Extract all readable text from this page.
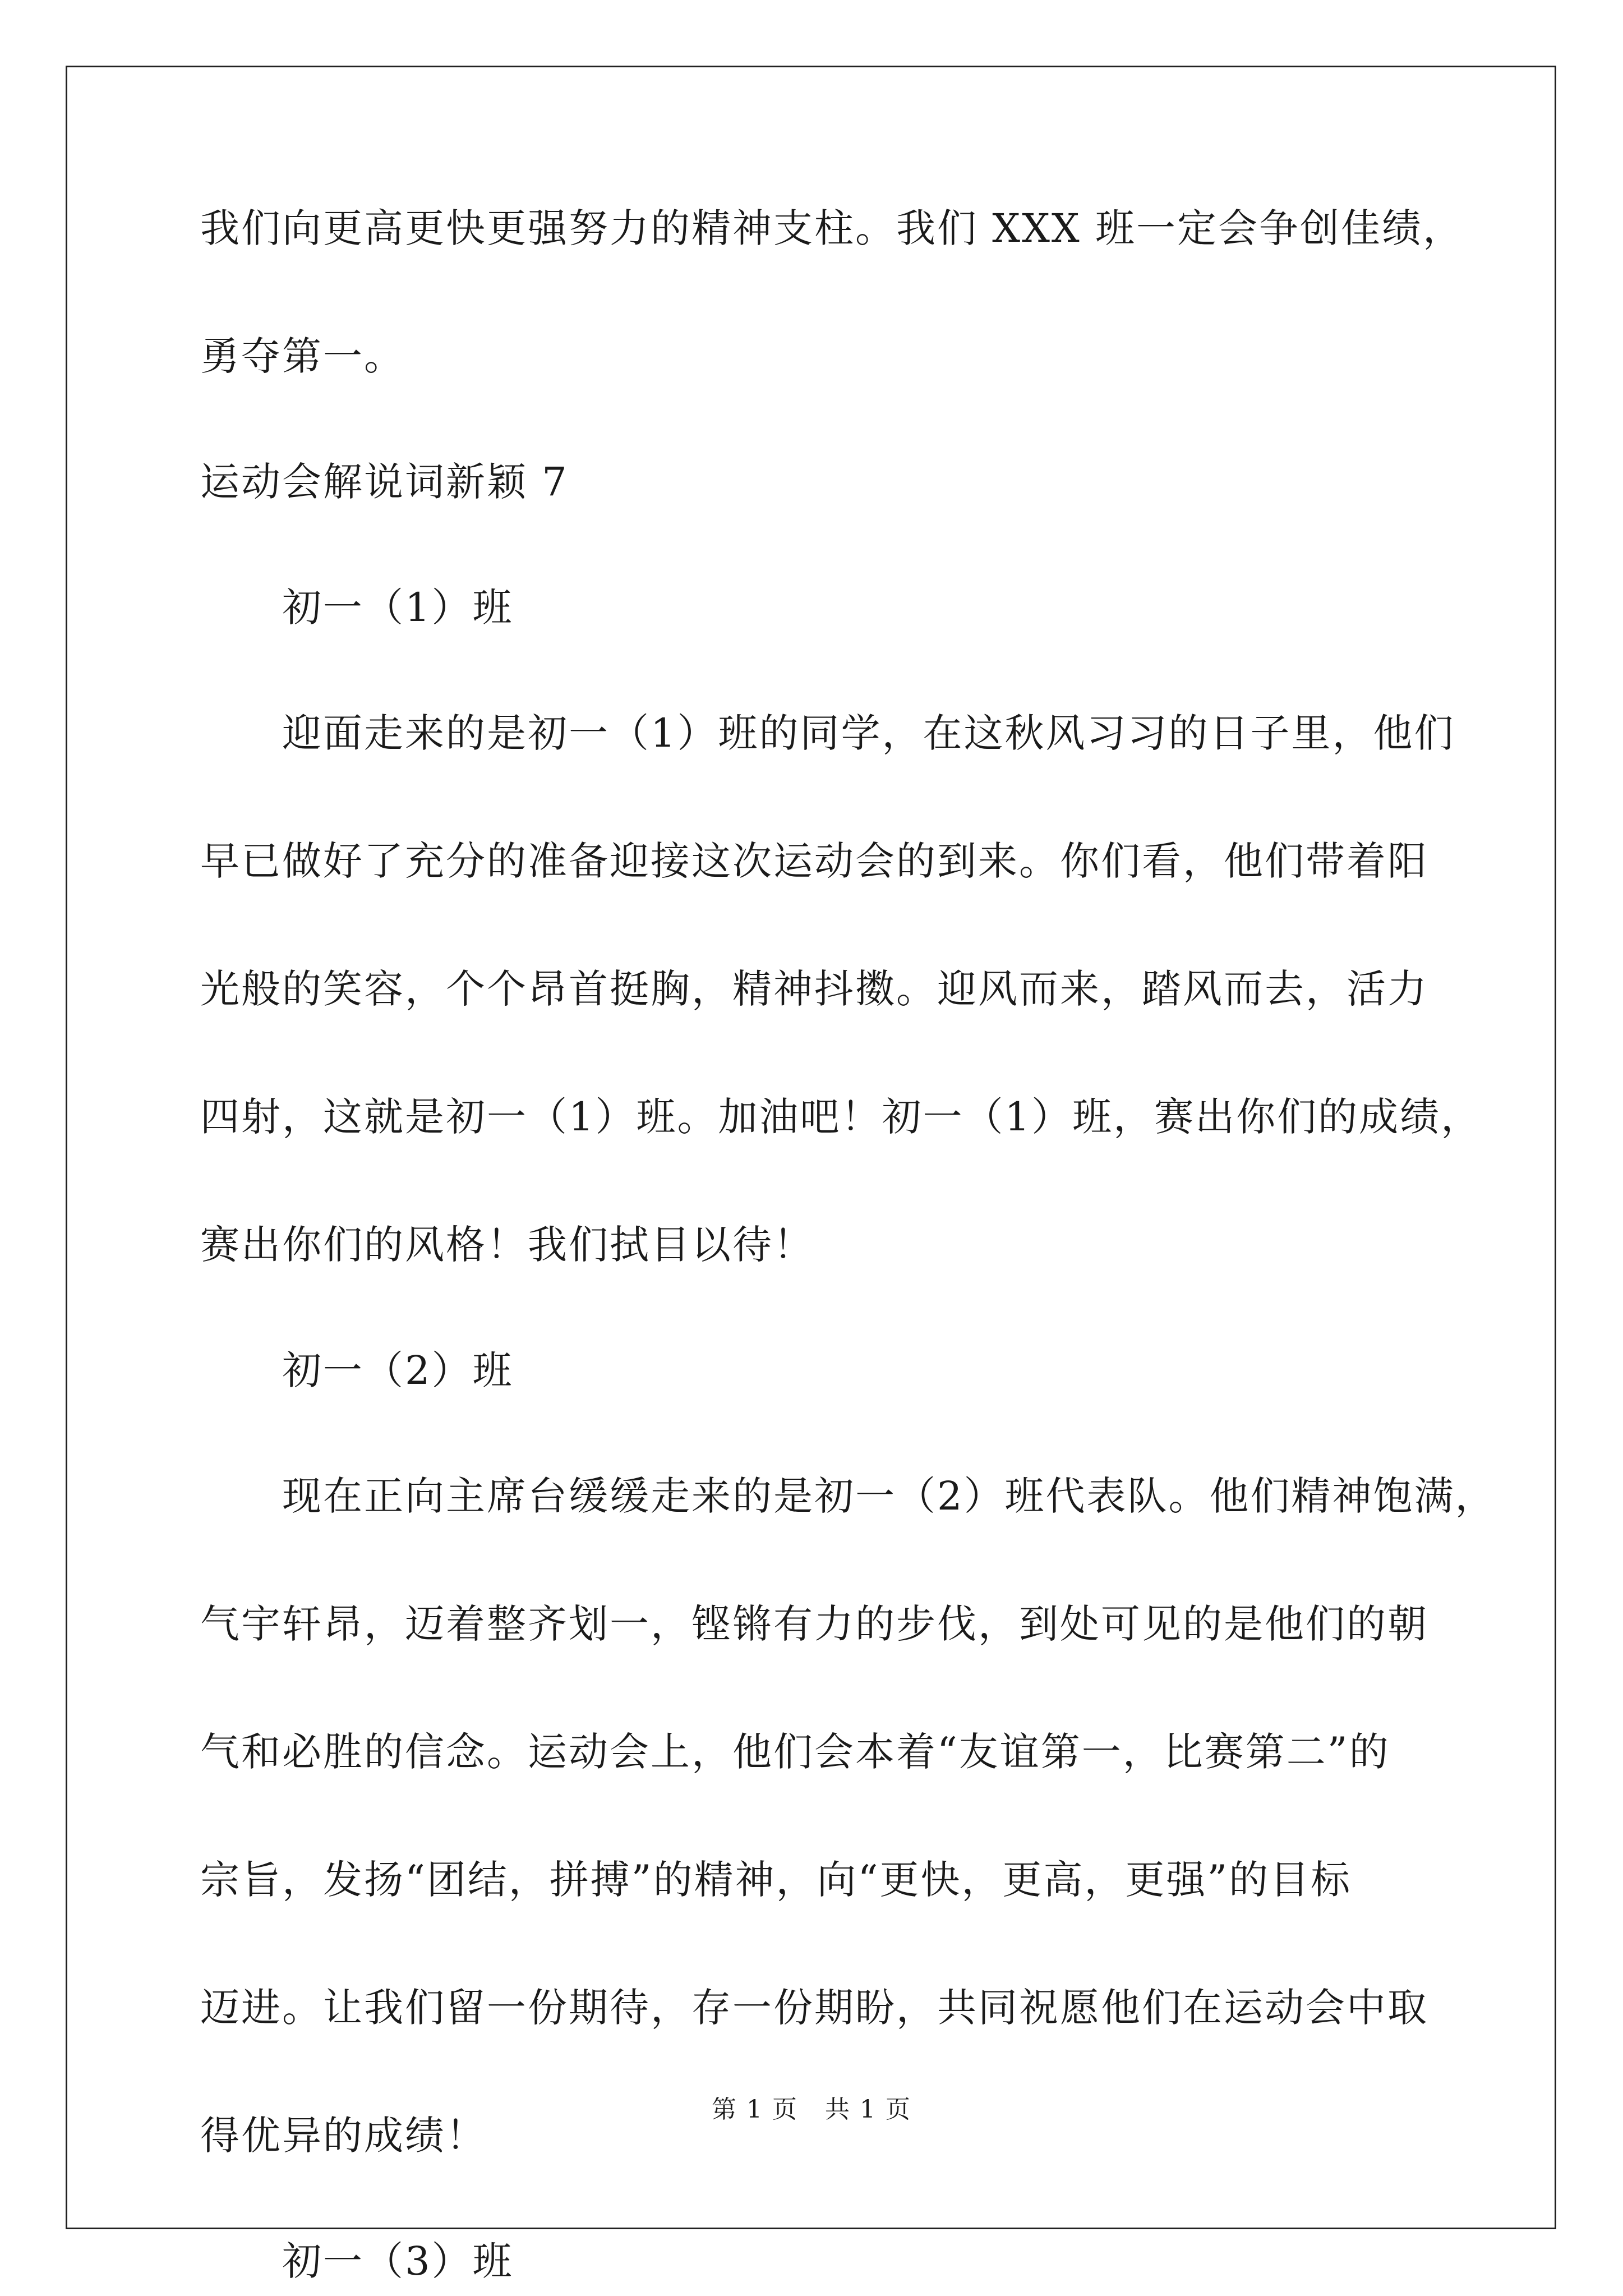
我们向更高更快更强努力的精神支柱。我们 XXX 班一定会争创佳绩，
勇夺第一。
运动会解说词新颖 7
初一（1）班
迎面走来的是初一（1）班的同学，在这秋风习习的日子里，他们
早已做好了充分的准备迎接这次运动会的到来。你们看，他们带着阳
光般的笑容，个个昂首挺胸，精神抖擞。迎风而来，踏风而去，活力
四射，这就是初一（1）班。加油吧！初一（1）班，赛出你们的成绩，
赛出你们的风格！我们拭目以待！
初一（2）班
现在正向主席台缓缓走来的是初一（2）班代表队。他们精神饱满，
气宇轩昂，迈着整齐划一，铿锵有力的步伐，到处可见的是他们的朝
气和必胜的信念。运动会上，他们会本着“友谊第一，比赛第二”的
宗旨，发扬“团结，拼搏”的精神，向“更快，更高，更强”的目标
迈进。让我们留一份期待，存一份期盼，共同祝愿他们在运动会中取
得优异的成绩！
初一（3）班
第 1 页 共 1 页
